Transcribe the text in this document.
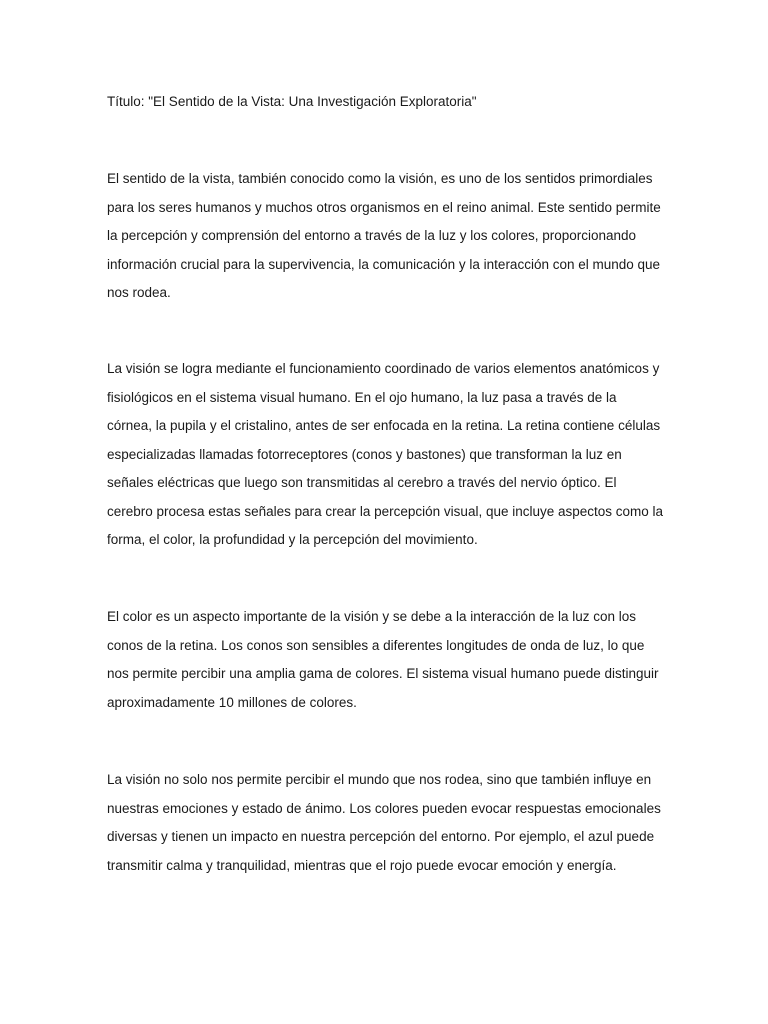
Título: "El Sentido de la Vista: Una Investigación Exploratoria"

El sentido de la vista, también conocido como la visión, es uno de los sentidos primordiales para los seres humanos y muchos otros organismos en el reino animal. Este sentido permite la percepción y comprensión del entorno a través de la luz y los colores, proporcionando información crucial para la supervivencia, la comunicación y la interacción con el mundo que nos rodea.

La visión se logra mediante el funcionamiento coordinado de varios elementos anatómicos y fisiológicos en el sistema visual humano. En el ojo humano, la luz pasa a través de la córnea, la pupila y el cristalino, antes de ser enfocada en la retina. La retina contiene células especializadas llamadas fotorreceptores (conos y bastones) que transforman la luz en señales eléctricas que luego son transmitidas al cerebro a través del nervio óptico. El cerebro procesa estas señales para crear la percepción visual, que incluye aspectos como la forma, el color, la profundidad y la percepción del movimiento.

El color es un aspecto importante de la visión y se debe a la interacción de la luz con los conos de la retina. Los conos son sensibles a diferentes longitudes de onda de luz, lo que nos permite percibir una amplia gama de colores. El sistema visual humano puede distinguir aproximadamente 10 millones de colores.

La visión no solo nos permite percibir el mundo que nos rodea, sino que también influye en nuestras emociones y estado de ánimo. Los colores pueden evocar respuestas emocionales diversas y tienen un impacto en nuestra percepción del entorno. Por ejemplo, el azul puede transmitir calma y tranquilidad, mientras que el rojo puede evocar emoción y energía.
